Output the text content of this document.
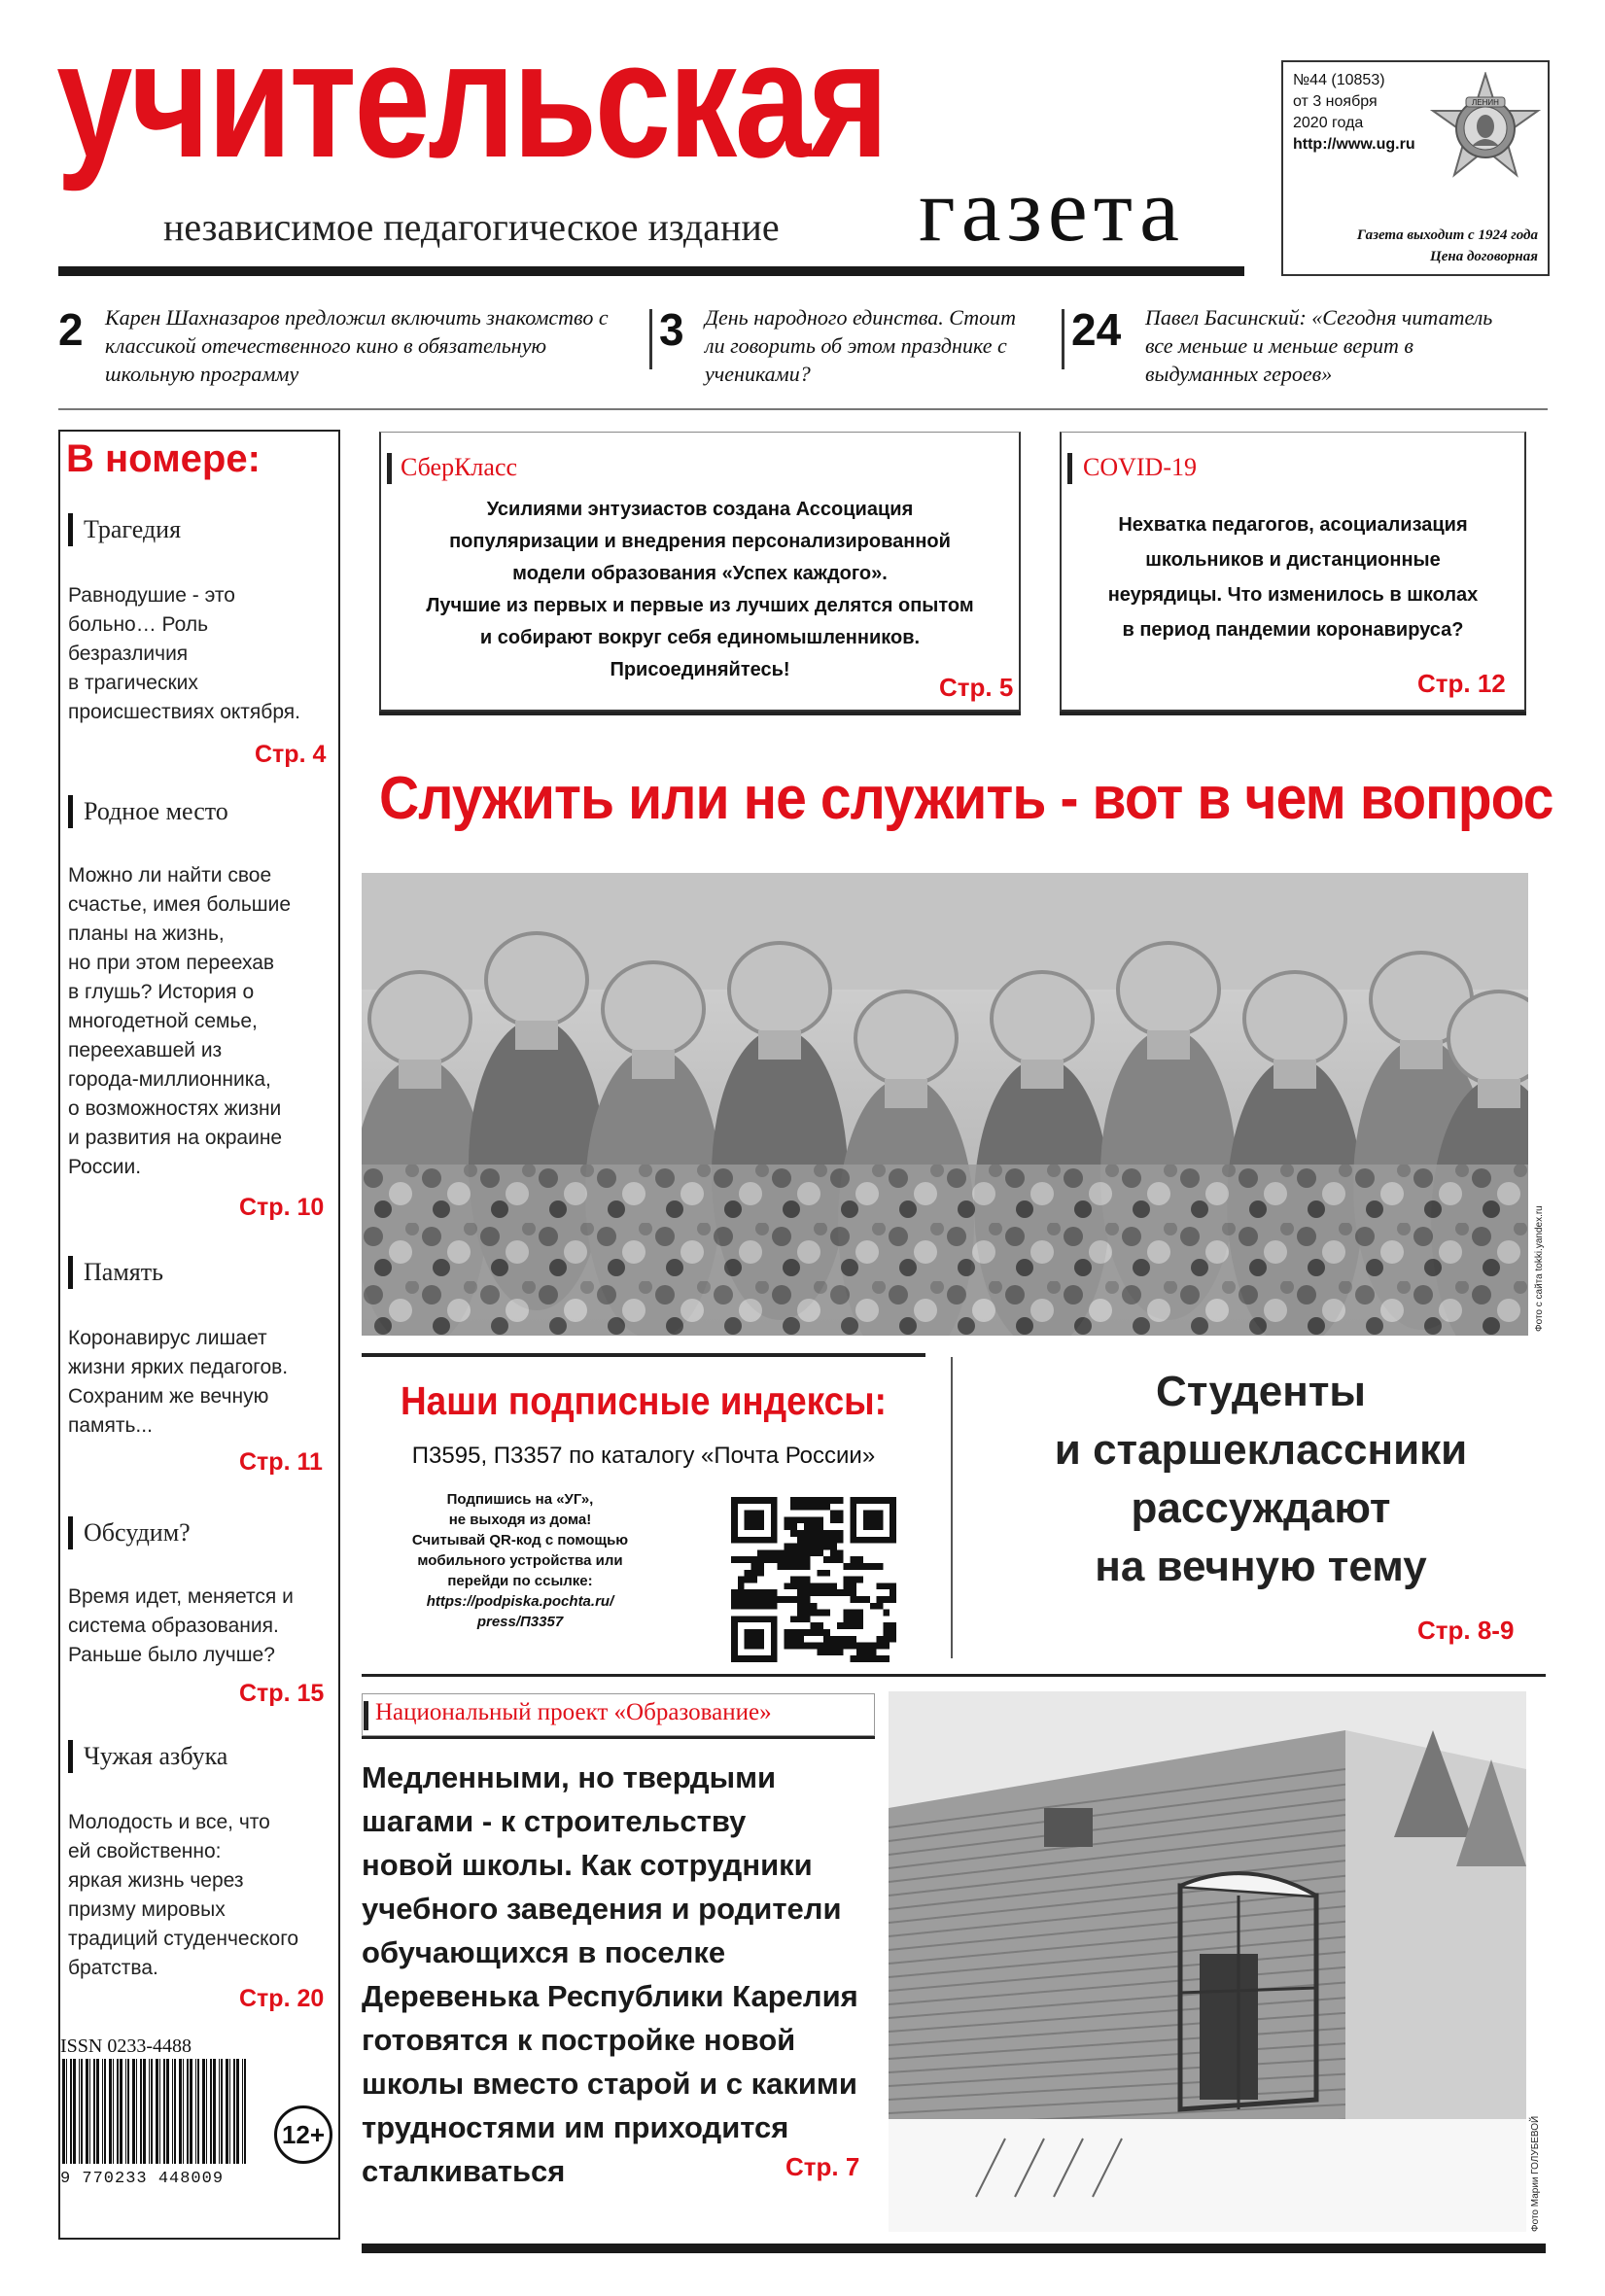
учительская
независимое педагогическое издание газета
№44 (10853)
от 3 ноября
2020 года
http://www.ug.ru
ЛЕНИН
Газета выходит с 1924 года
Цена договорная
2 Карен Шахназаров предложил включить знакомство с классикой отечественного кино в обязательную школьную программу
3 День народного единства. Стоит ли говорить об этом празднике с учениками?
24 Павел Басинский: «Сегодня читатель все меньше и меньше верит в выдуманных героев»
В номере:
Трагедия
Равнодушие - это
больно… Роль
безразличия
в трагических
происшествиях октября.
Стр. 4
Родное место
Можно ли найти свое
счастье, имея большие
планы на жизнь,
но при этом переехав
в глушь? История о
многодетной семье,
переехавшей из
города-миллионника,
о возможностях жизни
и развития на окраине
России.
Стр. 10
Память
Коронавирус лишает
жизни ярких педагогов.
Сохраним же вечную
память...
Стр. 11
Обсудим?
Время идет, меняется и
система образования.
Раньше было лучше?
Стр. 15
Чужая азбука
Молодость и все, что
ей свойственно:
яркая жизнь через
призму мировых
традиций студенческого
братства.
Стр. 20
ISSN 0233-4488
9 770233 448009
12+
СберКласс
Усилиями энтузиастов создана Ассоциация
популяризации и внедрения персонализированной
модели образования «Успех каждого».
Лучшие из первых и первые из лучших делятся опытом
и собирают вокруг себя единомышленников.
Присоединяйтесь!
Стр. 5
COVID-19
Нехватка педагогов, асоциализация
школьников и дистанционные
неурядицы. Что изменилось в школах
в период пандемии коронавируса?
Стр. 12
Служить или не служить - вот в чем вопрос
Фото с сайта tokki.yandex.ru
Наши подписные индексы:
П3595, П3357 по каталогу «Почта России»
Подпишись на «УГ»,
не выходя из дома!
Считывай QR-код с помощью
мобильного устройства или
перейди по ссылке:
https://podpiska.pochta.ru/
press/П3357
Студенты
и старшеклассники
рассуждают
на вечную тему
Стр. 8-9
Национальный проект «Образование»
Медленными, но твердыми
шагами - к строительству
новой школы. Как сотрудники
учебного заведения и родители
обучающихся в поселке
Деревенька Республики Карелия
готовятся к постройке новой
школы вместо старой и с какими
трудностями им приходится
сталкиваться	Стр. 7	Фото Марии ГОЛУБЕВОЙ
